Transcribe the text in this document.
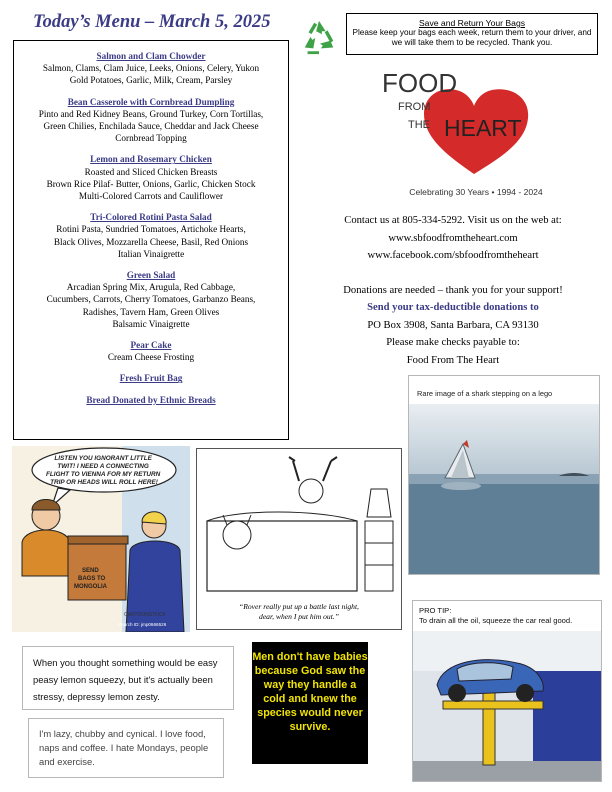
Today’s Menu – March 5, 2025	Save and Return Your Bags
Please keep your bags each week, return them to your driver, and we will take them to be recycled. Thank you.
Salmon and Clam Chowder
Salmon, Clams, Clam Juice, Leeks, Onions, Celery, Yukon
Gold Potatoes, Garlic, Milk, Cream, Parsley
Bean Casserole with Cornbread Dumpling
Pinto and Red Kidney Beans, Ground Turkey, Corn Tortillas,
Green Chilies, Enchilada Sauce, Cheddar and Jack Cheese
Cornbread Topping
Lemon and Rosemary Chicken
Roasted and Sliced Chicken Breasts
Brown Rice Pilaf- Butter, Onions, Garlic, Chicken Stock
Multi-Colored Carrots and Cauliflower
Tri-Colored Rotini Pasta Salad
Rotini Pasta, Sundried Tomatoes, Artichoke Hearts,
Black Olives, Mozzarella Cheese, Basil, Red Onions
Italian Vinaigrette
Green Salad
Arcadian Spring Mix, Arugula, Red Cabbage,
Cucumbers, Carrots, Cherry Tomatoes, Garbanzo Beans,
Radishes, Tavern Ham, Green Olives
Balsamic Vinaigrette
Pear Cake
Cream Cheese Frosting
Fresh Fruit Bag
Bread Donated by Ethnic Breads
FOOD
FROM
THE HEART
Celebrating 30 Years • 1994 - 2024
Contact us at 805-334-5292. Visit us on the web at:
www.sbfoodfromtheheart.com
www.facebook.com/sbfoodfromtheheart
Donations are needed – thank you for your support!
Send your tax-deductible donations to
PO Box 3908, Santa Barbara, CA 93130
Please make checks payable to:
Food From The Heart
Rare image of a shark stepping on a lego
LISTEN YOU IGNORANT LITTLE TWIT! I NEED A CONNECTING FLIGHT TO VIENNA FOR MY RETURN TRIP OR HEADS WILL ROLL HERE!
SEND BAGS TO MONGOLIA
CARTOONSTOCK
Search ID: jmp0666526
“Rover really put up a battle last night,
dear, when I put him out.”
When you thought something would be easy peasy lemon squeezy, but it's actually been stressy, depressy lemon zesty.
I'm lazy, chubby and cynical. I love food, naps and coffee. I hate Mondays, people and exercise.
Men don't have babies because God saw the way they handle a cold and knew the species would never survive.
PRO TIP:
To drain all the oil, squeeze the car real good.
